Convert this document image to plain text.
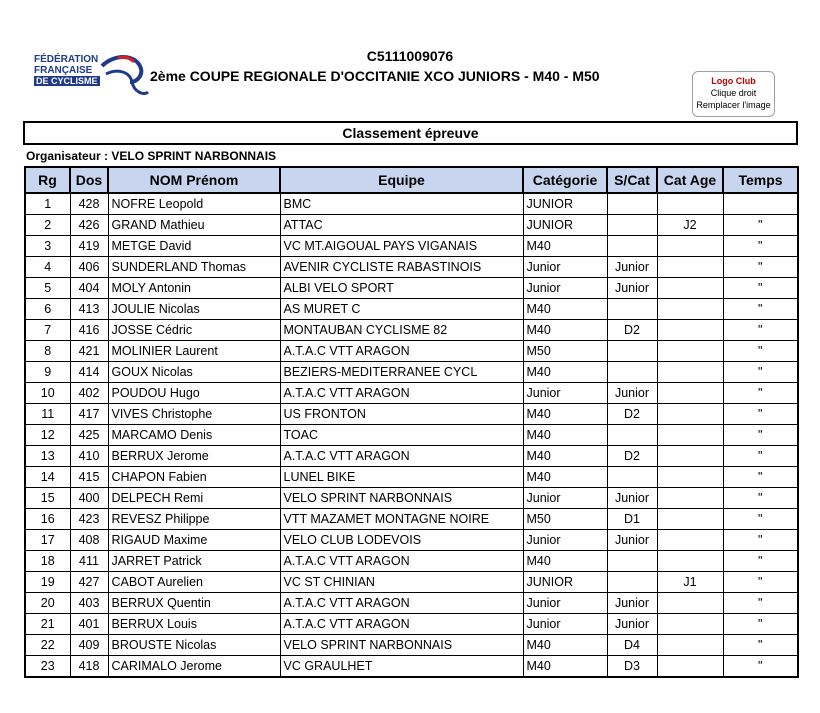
FÉDÉRATION
FRANÇAISE
DE CYCLISME
C5111009076
2ème COUPE REGIONALE D'OCCITANIE XCO JUNIORS - M40 - M50	Logo Club
Clique droit
Remplacer l'image
Classement épreuve
Organisateur : VELO SPRINT NARBONNAIS
Rg	Dos	NOM Prénom	Equipe	Catégorie	S/Cat	Cat Age	Temps
1	428	NOFRE Leopold	BMC	JUNIOR			
2	426	GRAND Mathieu	ATTAC	JUNIOR		J2	"
3	419	METGE David	VC MT.AIGOUAL PAYS VIGANAIS	M40			"
4	406	SUNDERLAND Thomas	AVENIR CYCLISTE RABASTINOIS	Junior	Junior		"
5	404	MOLY Antonin	ALBI VELO SPORT	Junior	Junior		"
6	413	JOULIE Nicolas	AS MURET C	M40			"
7	416	JOSSE Cédric	MONTAUBAN CYCLISME 82	M40	D2		"
8	421	MOLINIER Laurent	A.T.A.C VTT ARAGON	M50			"
9	414	GOUX Nicolas	BEZIERS-MEDITERRANEE CYCL	M40			"
10	402	POUDOU Hugo	A.T.A.C VTT ARAGON	Junior	Junior		"
11	417	VIVES Christophe	US FRONTON	M40	D2		"
12	425	MARCAMO Denis	TOAC	M40			"
13	410	BERRUX Jerome	A.T.A.C VTT ARAGON	M40	D2		"
14	415	CHAPON Fabien	LUNEL BIKE	M40			"
15	400	DELPECH Remi	VELO SPRINT NARBONNAIS	Junior	Junior		"
16	423	REVESZ Philippe	VTT MAZAMET MONTAGNE NOIRE	M50	D1		"
17	408	RIGAUD Maxime	VELO CLUB LODEVOIS	Junior	Junior		"
18	411	JARRET Patrick	A.T.A.C VTT ARAGON	M40			"
19	427	CABOT Aurelien	VC ST CHINIAN	JUNIOR		J1	"
20	403	BERRUX Quentin	A.T.A.C VTT ARAGON	Junior	Junior		"
21	401	BERRUX Louis	A.T.A.C VTT ARAGON	Junior	Junior		"
22	409	BROUSTE Nicolas	VELO SPRINT NARBONNAIS	M40	D4		"
23	418	CARIMALO Jerome	VC GRAULHET	M40	D3		"
